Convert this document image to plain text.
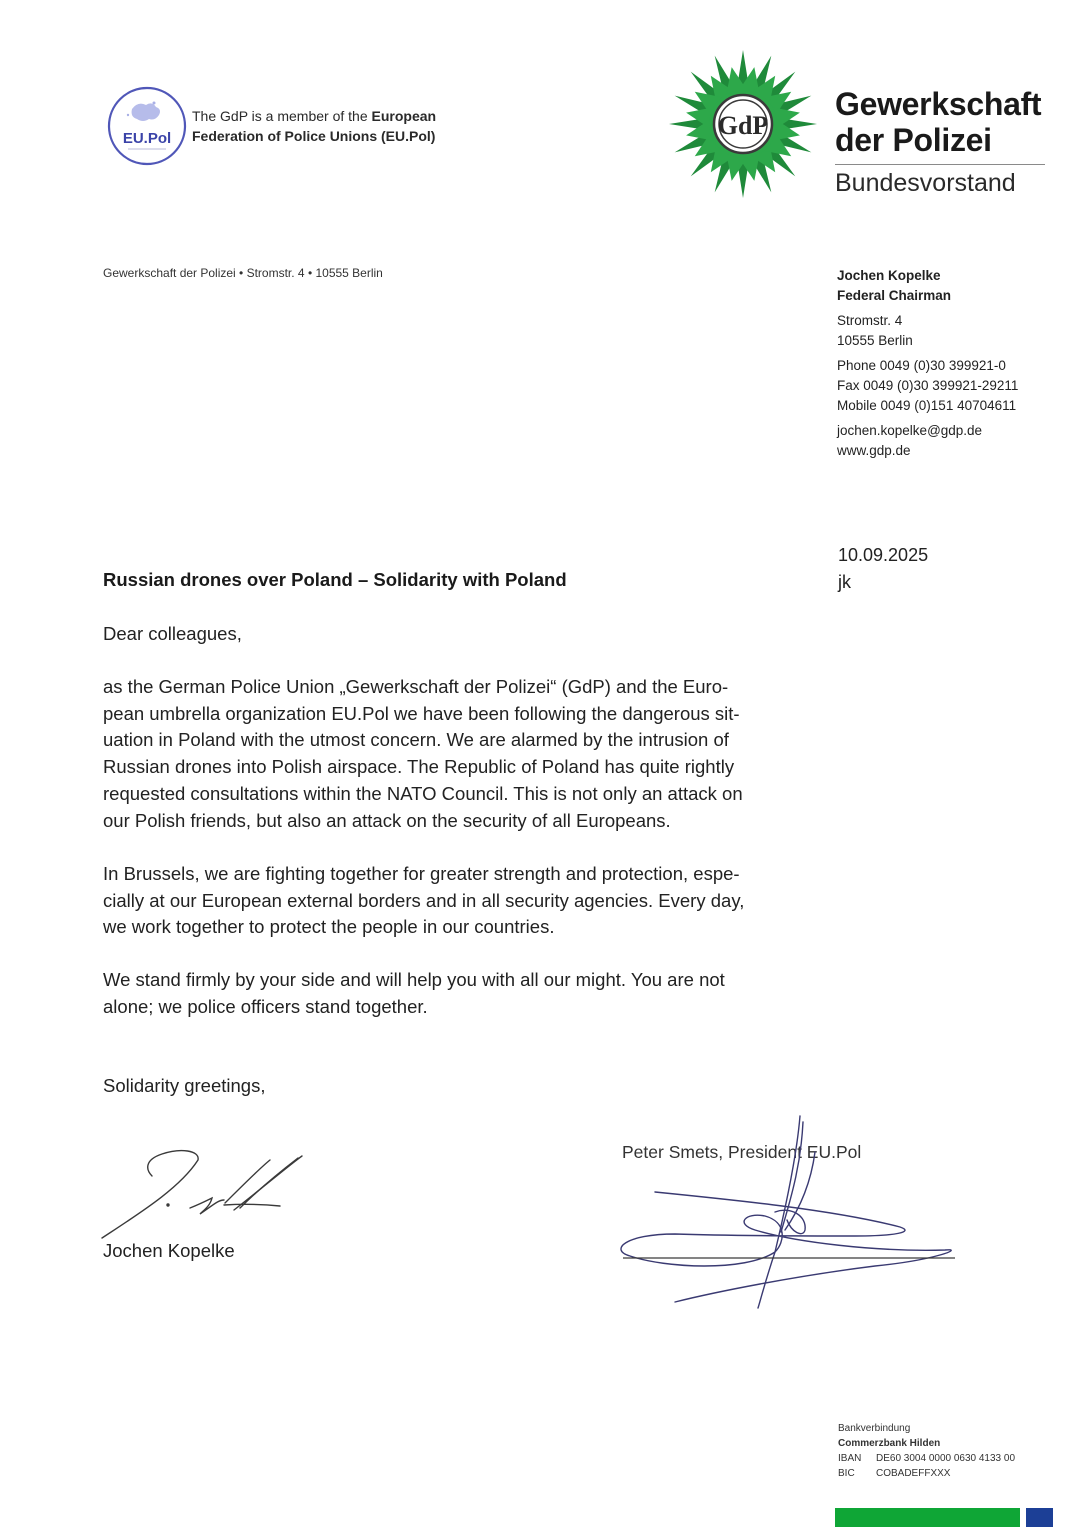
EU.Pol
The GdP is a member of the European
Federation of Police Unions (EU.Pol)	GdP
Gewerkschaft
der Polizei
Bundesvorstand
Gewerkschaft der Polizei • Stromstr. 4 • 10555 Berlin	Jochen Kopelke
Federal Chairman
Stromstr. 4
10555 Berlin
Phone 0049 (0)30 399921-0
Fax 0049 (0)30 399921-29211
Mobile 0049 (0)151 40704611
jochen.kopelke@gdp.de
www.gdp.de
10.09.2025
jk
Russian drones over Poland – Solidarity with Poland
Dear colleagues,
as the German Police Union „Gewerkschaft der Polizei“ (GdP) and the Euro-
pean umbrella organization EU.Pol we have been following the dangerous sit-
uation in Poland with the utmost concern. We are alarmed by the intrusion of
Russian drones into Polish airspace. The Republic of Poland has quite rightly
requested consultations within the NATO Council. This is not only an attack on
our Polish friends, but also an attack on the security of all Europeans.
In Brussels, we are fighting together for greater strength and protection, espe-
cially at our European external borders and in all security agencies. Every day,
we work together to protect the people in our countries.
We stand firmly by your side and will help you with all our might. You are not
alone; we police officers stand together.
Solidarity greetings,
Jochen Kopelke
Peter Smets, President EU.Pol
Bankverbindung
Commerzbank Hilden
IBAN DE60 3004 0000 0630 4133 00
BIC COBADEFFXXX
